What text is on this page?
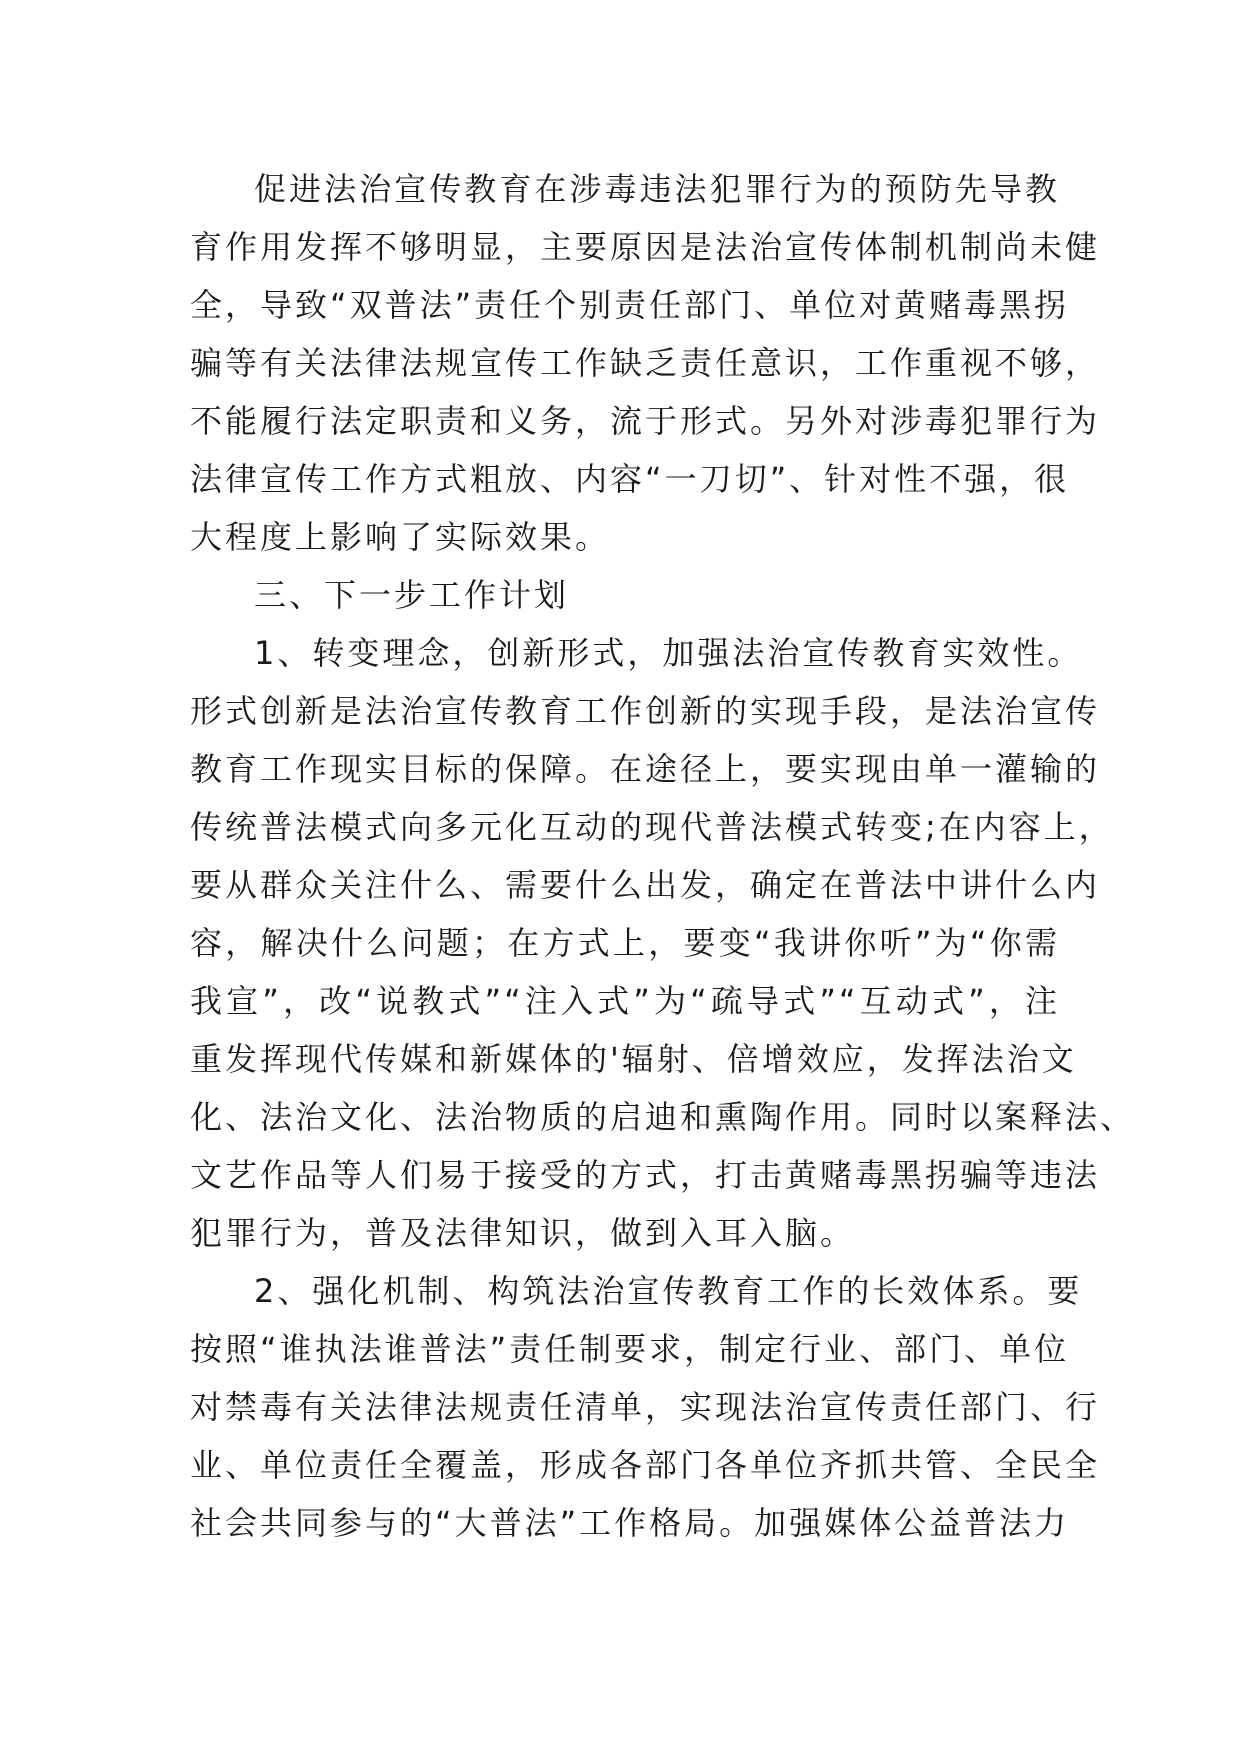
促进法治宣传教育在涉毒违法犯罪行为的预防先导教
育作用发挥不够明显，主要原因是法治宣传体制机制尚未健
全，导致“双普法”责任个别责任部门、单位对黄赌毒黑拐
骗等有关法律法规宣传工作缺乏责任意识，工作重视不够，
不能履行法定职责和义务，流于形式。另外对涉毒犯罪行为
法律宣传工作方式粗放、内容“一刀切”、针对性不强，很
大程度上影响了实际效果。
三、下一步工作计划
1、转变理念，创新形式，加强法治宣传教育实效性。
形式创新是法治宣传教育工作创新的实现手段，是法治宣传
教育工作现实目标的保障。在途径上，要实现由单一灌输的
传统普法模式向多元化互动的现代普法模式转变;在内容上，
要从群众关注什么、需要什么出发，确定在普法中讲什么内
容，解决什么问题；在方式上，要变“我讲你听”为“你需
我宣”，改“说教式”“注入式”为“疏导式”“互动式”，注
重发挥现代传媒和新媒体的'辐射、倍增效应，发挥法治文
化、法治文化、法治物质的启迪和熏陶作用。同时以案释法、
文艺作品等人们易于接受的方式，打击黄赌毒黑拐骗等违法
犯罪行为，普及法律知识，做到入耳入脑。
2、强化机制、构筑法治宣传教育工作的长效体系。要
按照“谁执法谁普法”责任制要求，制定行业、部门、单位
对禁毒有关法律法规责任清单，实现法治宣传责任部门、行
业、单位责任全覆盖，形成各部门各单位齐抓共管、全民全
社会共同参与的“大普法”工作格局。加强媒体公益普法力
